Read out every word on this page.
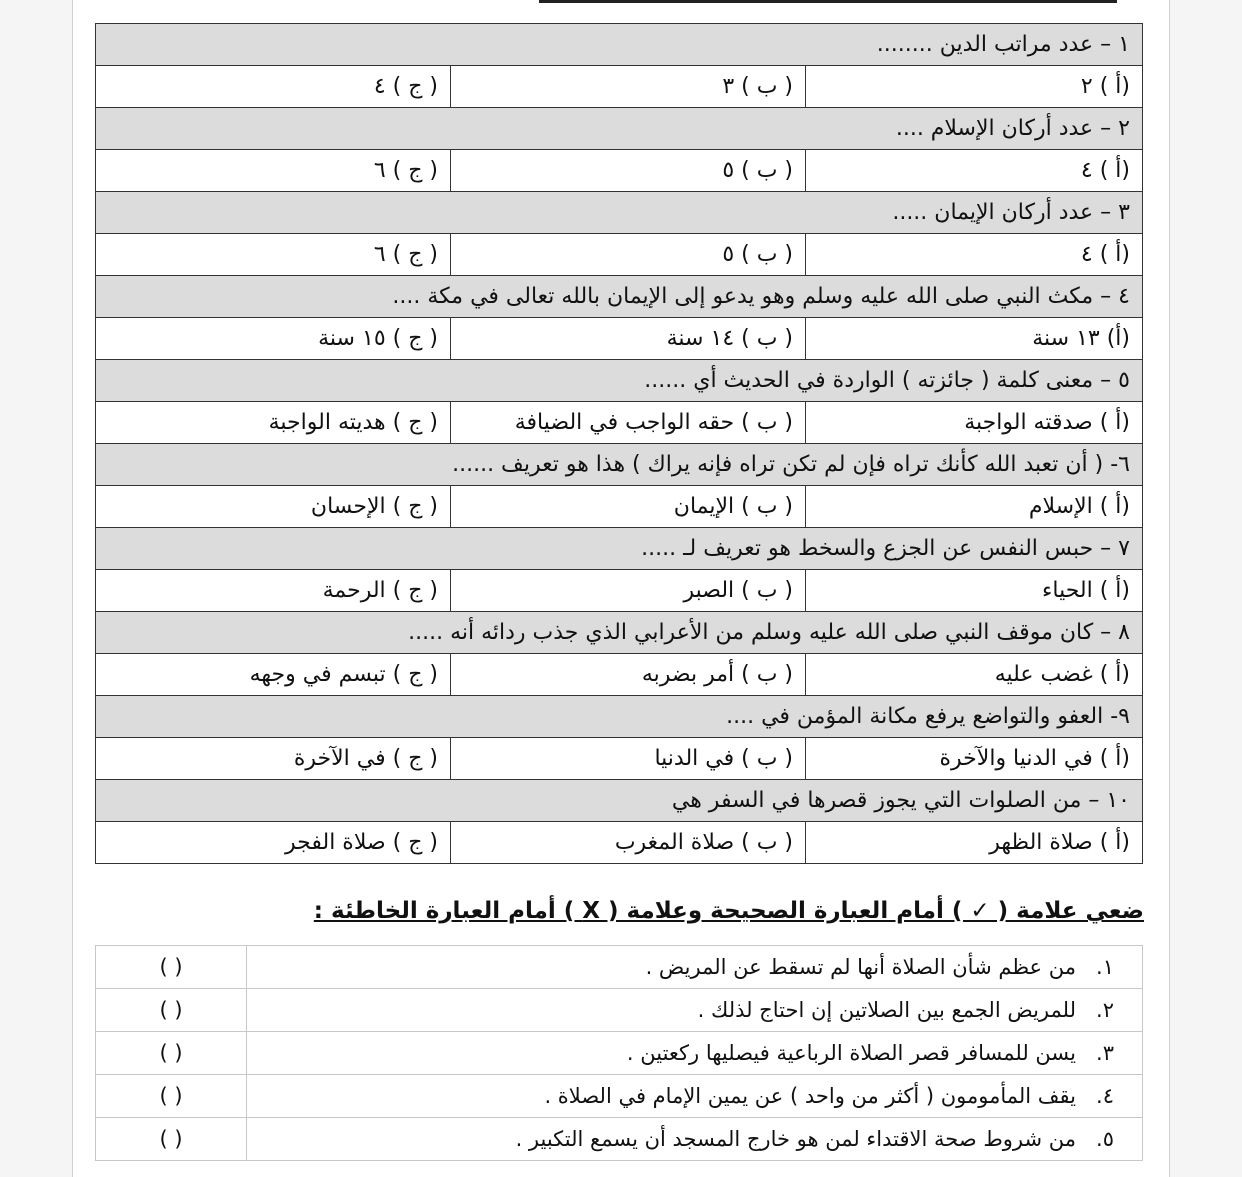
١ – عدد مراتب الدين ........		
(أ ) ٢	( ب ) ٣	( ج ) ٤
٢ – عدد أركان الإسلام ....		
(أ ) ٤	( ب ) ٥	( ج ) ٦
٣ – عدد أركان الإيمان .....		
(أ ) ٤	( ب ) ٥	( ج ) ٦
٤ – مكث النبي صلى الله عليه وسلم وهو يدعو إلى الإيمان بالله تعالى في مكة ....		
(أ) ١٣ سنة	( ب ) ١٤ سنة	( ج ) ١٥ سنة
٥ – معنى كلمة ( جائزته ) الواردة في الحديث أي ......		
(أ ) صدقته الواجبة	( ب ) حقه الواجب في الضيافة	( ج ) هديته الواجبة
٦- ( أن تعبد الله كأنك تراه فإن لم تكن تراه فإنه يراك ) هذا هو تعريف ......		
(أ ) الإسلام	( ب ) الإيمان	( ج ) الإحسان
٧ – حبس النفس عن الجزع والسخط هو تعريف لـ .....		
(أ ) الحياء	( ب ) الصبر	( ج ) الرحمة
٨ – كان موقف النبي صلى الله عليه وسلم من الأعرابي الذي جذب ردائه أنه .....		
(أ ) غضب عليه	( ب ) أمر بضربه	( ج ) تبسم في وجهه
٩- العفو والتواضع يرفع مكانة المؤمن في ....		
(أ ) في الدنيا والآخرة	( ب ) في الدنيا	( ج ) في الآخرة
١٠ – من الصلوات التي يجوز قصرها في السفر هي		
(أ ) صلاة الظهر	( ب ) صلاة المغرب	( ج ) صلاة الفجر
ضعي علامة ( ✓ ) أمام العبارة الصحيحة وعلامة ( X ) أمام العبارة الخاطئة :
١.من عظم شأن الصلاة أنها لم تسقط عن المريض .	( )
٢.للمريض الجمع بين الصلاتين إن احتاج لذلك .	( )
٣.يسن للمسافر قصر الصلاة الرباعية فيصليها ركعتين .	( )
٤.يقف المأمومون ( أكثر من واحد ) عن يمين الإمام في الصلاة .	( )
٥.من شروط صحة الاقتداء لمن هو خارج المسجد أن يسمع التكبير .	( )
